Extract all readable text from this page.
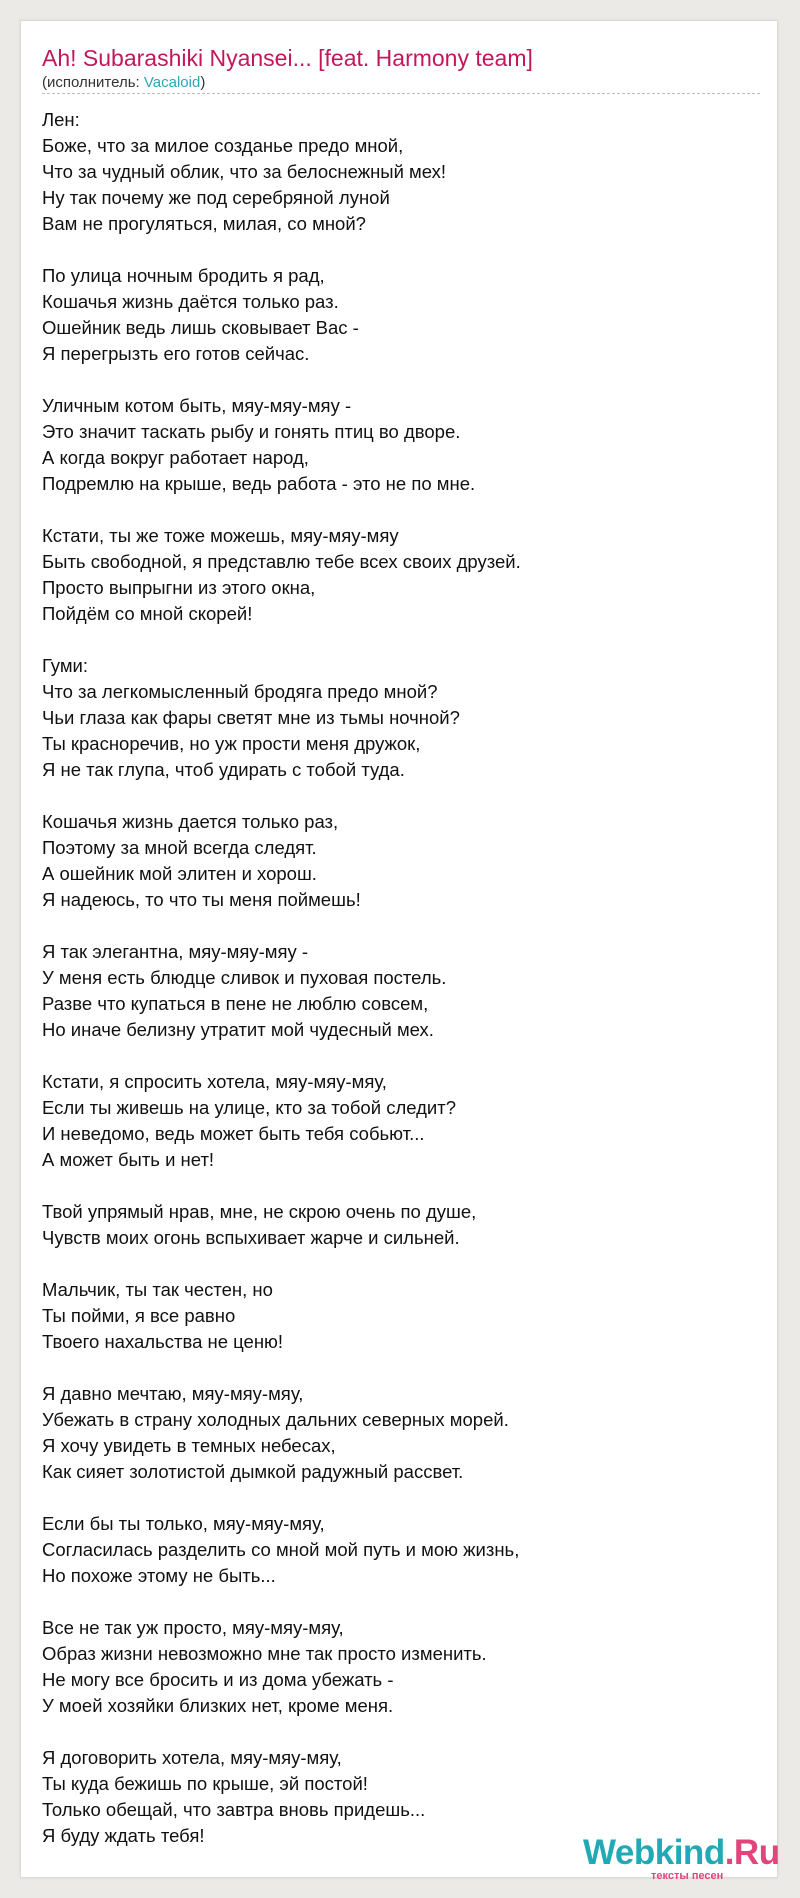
Ah! Subarashiki Nyansei... [feat. Harmony team]
(исполнитель: Vacaloid)
Лен:
Боже, что за милое созданье предо мной,
Что за чудный облик, что за белоснежный мех!
Ну так почему же под серебряной луной
Вам не прогуляться, милая, со мной?
По улица ночным бродить я рад,
Кошачья жизнь даётся только раз.
Ошейник ведь лишь сковывает Вас -
Я перегрызть его готов сейчас.
Уличным котом быть, мяу-мяу-мяу -
Это значит таскать рыбу и гонять птиц во дворе.
А когда вокруг работает народ,
Подремлю на крыше, ведь работа - это не по мне.
Кстати, ты же тоже можешь, мяу-мяу-мяу
Быть свободной, я представлю тебе всех своих друзей.
Просто выпрыгни из этого окна,
Пойдём со мной скорей!
Гуми:
Что за легкомысленный бродяга предо мной?
Чьи глаза как фары светят мне из тьмы ночной?
Ты красноречив, но уж прости меня дружок,
Я не так глупа, чтоб удирать с тобой туда.
Кошачья жизнь дается только раз,
Поэтому за мной всегда следят.
А ошейник мой элитен и хорош.
Я надеюсь, то что ты меня поймешь!
Я так элегантна, мяу-мяу-мяу -
У меня есть блюдце сливок и пуховая постель.
Разве что купаться в пене не люблю совсем,
Но иначе белизну утратит мой чудесный мех.
Кстати, я спросить хотела, мяу-мяу-мяу,
Если ты живешь на улице, кто за тобой следит?
И неведомо, ведь может быть тебя собьют...
А может быть и нет!
Твой упрямый нрав, мне, не скрою очень по душе,
Чувств моих огонь вспыхивает жарче и сильней.
Мальчик, ты так честен, но
Ты пойми, я все равно
Твоего нахальства не ценю!
Я давно мечтаю, мяу-мяу-мяу,
Убежать в страну холодных дальних северных морей.
Я хочу увидеть в темных небесах,
Как сияет золотистой дымкой радужный рассвет.
Если бы ты только, мяу-мяу-мяу,
Согласилась разделить со мной мой путь и мою жизнь,
Но похоже этому не быть...
Все не так уж просто, мяу-мяу-мяу,
Образ жизни невозможно мне так просто изменить.
Не могу все бросить и из дома убежать -
У моей хозяйки близких нет, кроме меня.
Я договорить хотела, мяу-мяу-мяу,
Ты куда бежишь по крыше, эй постой!
Только обещай, что завтра вновь придешь...
Я буду ждать тебя!	Webkind.Ru
тексты песен
